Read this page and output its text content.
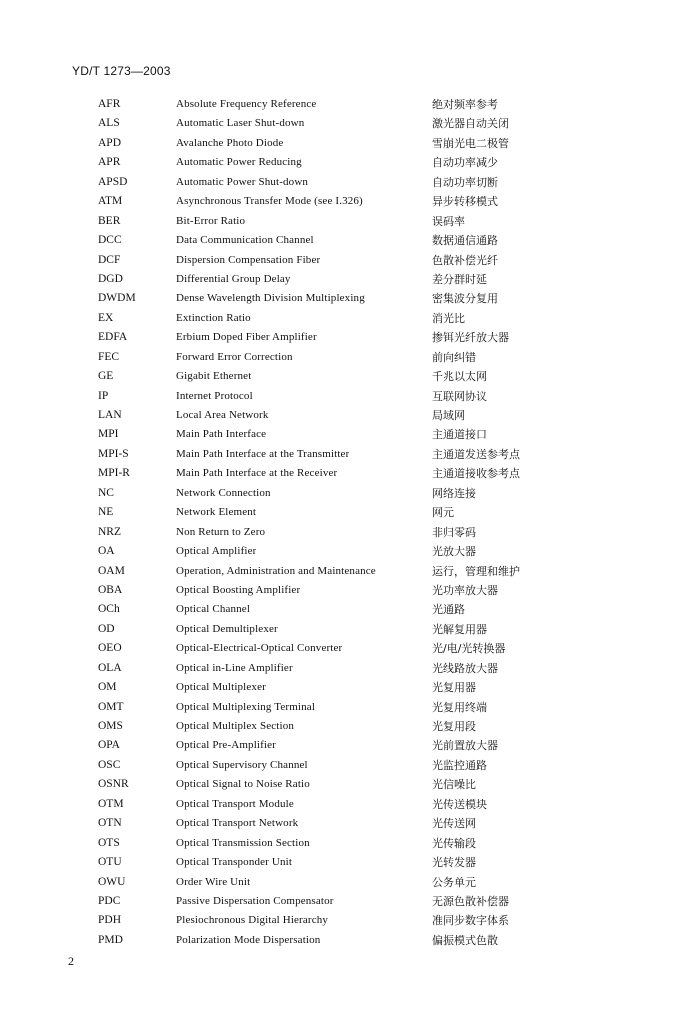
YD/T 1273—2003
AFR	Absolute Frequency Reference	绝对频率参考
ALS	Automatic Laser Shut-down	激光器自动关闭
APD	Avalanche Photo Diode	雪崩光电二极管
APR	Automatic Power Reducing	自动功率减少
APSD	Automatic Power Shut-down	自动功率切断
ATM	Asynchronous Transfer Mode (see I.326)	异步转移模式
BER	Bit-Error Ratio	误码率
DCC	Data Communication Channel	数据通信通路
DCF	Dispersion Compensation Fiber	色散补偿光纤
DGD	Differential Group Delay	差分群时延
DWDM	Dense Wavelength Division Multiplexing	密集波分复用
EX	Extinction Ratio	消光比
EDFA	Erbium Doped Fiber Amplifier	掺铒光纤放大器
FEC	Forward Error Correction	前向纠错
GE	Gigabit Ethernet	千兆以太网
IP	Internet Protocol	互联网协议
LAN	Local Area Network	局域网
MPI	Main Path Interface	主通道接口
MPI-S	Main Path Interface at the Transmitter	主通道发送参考点
MPI-R	Main Path Interface at the Receiver	主通道接收参考点
NC	Network Connection	网络连接
NE	Network Element	网元
NRZ	Non Return to Zero	非归零码
OA	Optical Amplifier	光放大器
OAM	Operation, Administration and Maintenance	运行，管理和维护
OBA	Optical Boosting Amplifier	光功率放大器
OCh	Optical Channel	光通路
OD	Optical Demultiplexer	光解复用器
OEO	Optical-Electrical-Optical Converter	光/电/光转换器
OLA	Optical in-Line Amplifier	光线路放大器
OM	Optical Multiplexer	光复用器
OMT	Optical Multiplexing Terminal	光复用终端
OMS	Optical Multiplex Section	光复用段
OPA	Optical Pre-Amplifier	光前置放大器
OSC	Optical Supervisory Channel	光监控通路
OSNR	Optical Signal to Noise Ratio	光信噪比
OTM	Optical Transport Module	光传送模块
OTN	Optical Transport Network	光传送网
OTS	Optical Transmission Section	光传输段
OTU	Optical Transponder Unit	光转发器
OWU	Order Wire Unit	公务单元
PDC	Passive Dispersation Compensator	无源色散补偿器
PDH	Plesiochronous Digital Hierarchy	准同步数字体系
PMD	Polarization Mode Dispersation	偏振模式色散
2
